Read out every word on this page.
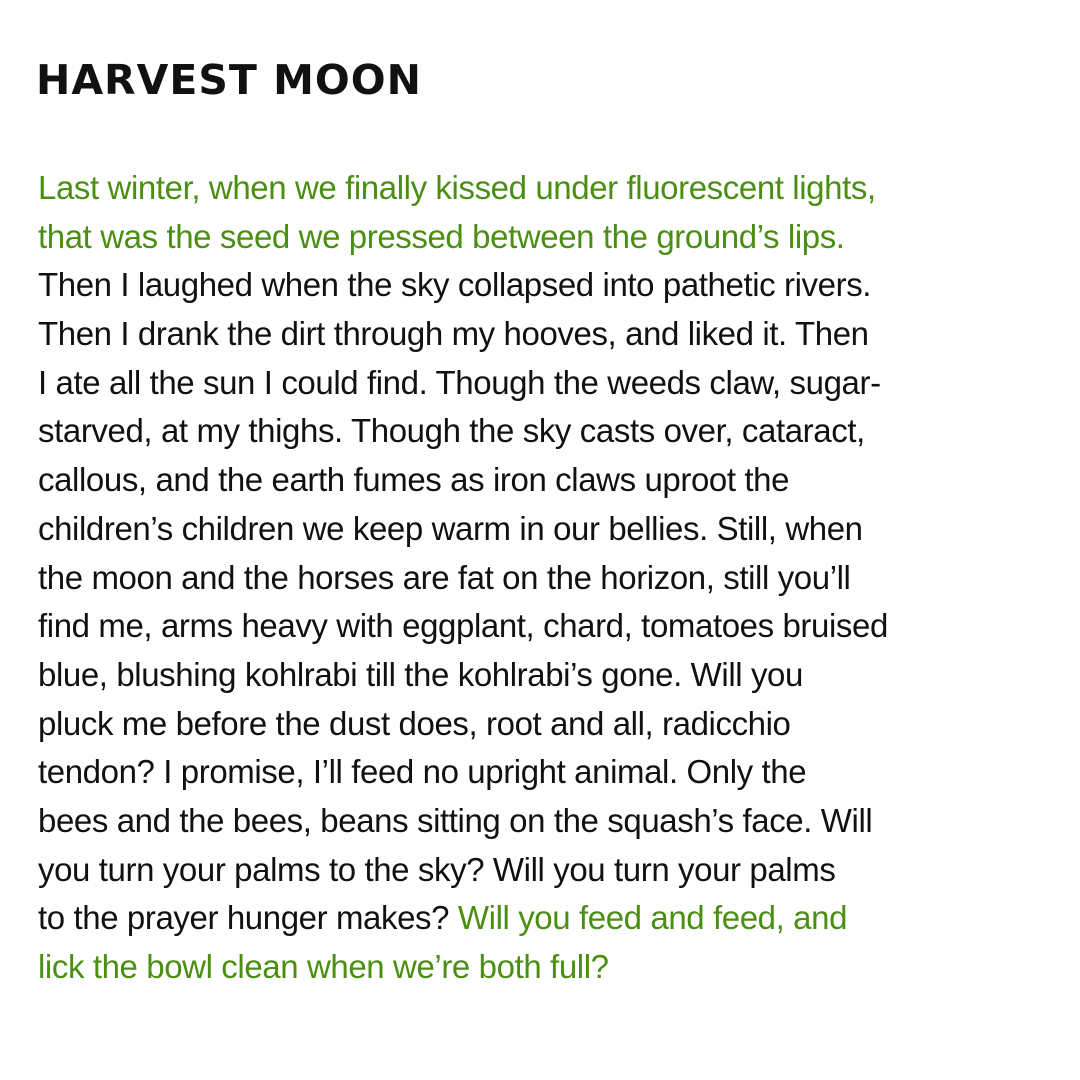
HARVEST MOON
Last winter, when we finally kissed under fluorescent lights,
that was the seed we pressed between the ground’s lips.
Then I laughed when the sky collapsed into pathetic rivers.
Then I drank the dirt through my hooves, and liked it. Then
I ate all the sun I could find. Though the weeds claw, sugar-
starved, at my thighs. Though the sky casts over, cataract,
callous, and the earth fumes as iron claws uproot the
children’s children we keep warm in our bellies. Still, when
the moon and the horses are fat on the horizon, still you’ll
find me, arms heavy with eggplant, chard, tomatoes bruised
blue, blushing kohlrabi till the kohlrabi’s gone. Will you
pluck me before the dust does, root and all, radicchio
tendon? I promise, I’ll feed no upright animal. Only the
bees and the bees, beans sitting on the squash’s face. Will
you turn your palms to the sky? Will you turn your palms
to the prayer hunger makes? Will you feed and feed, and
lick the bowl clean when we’re both full?
